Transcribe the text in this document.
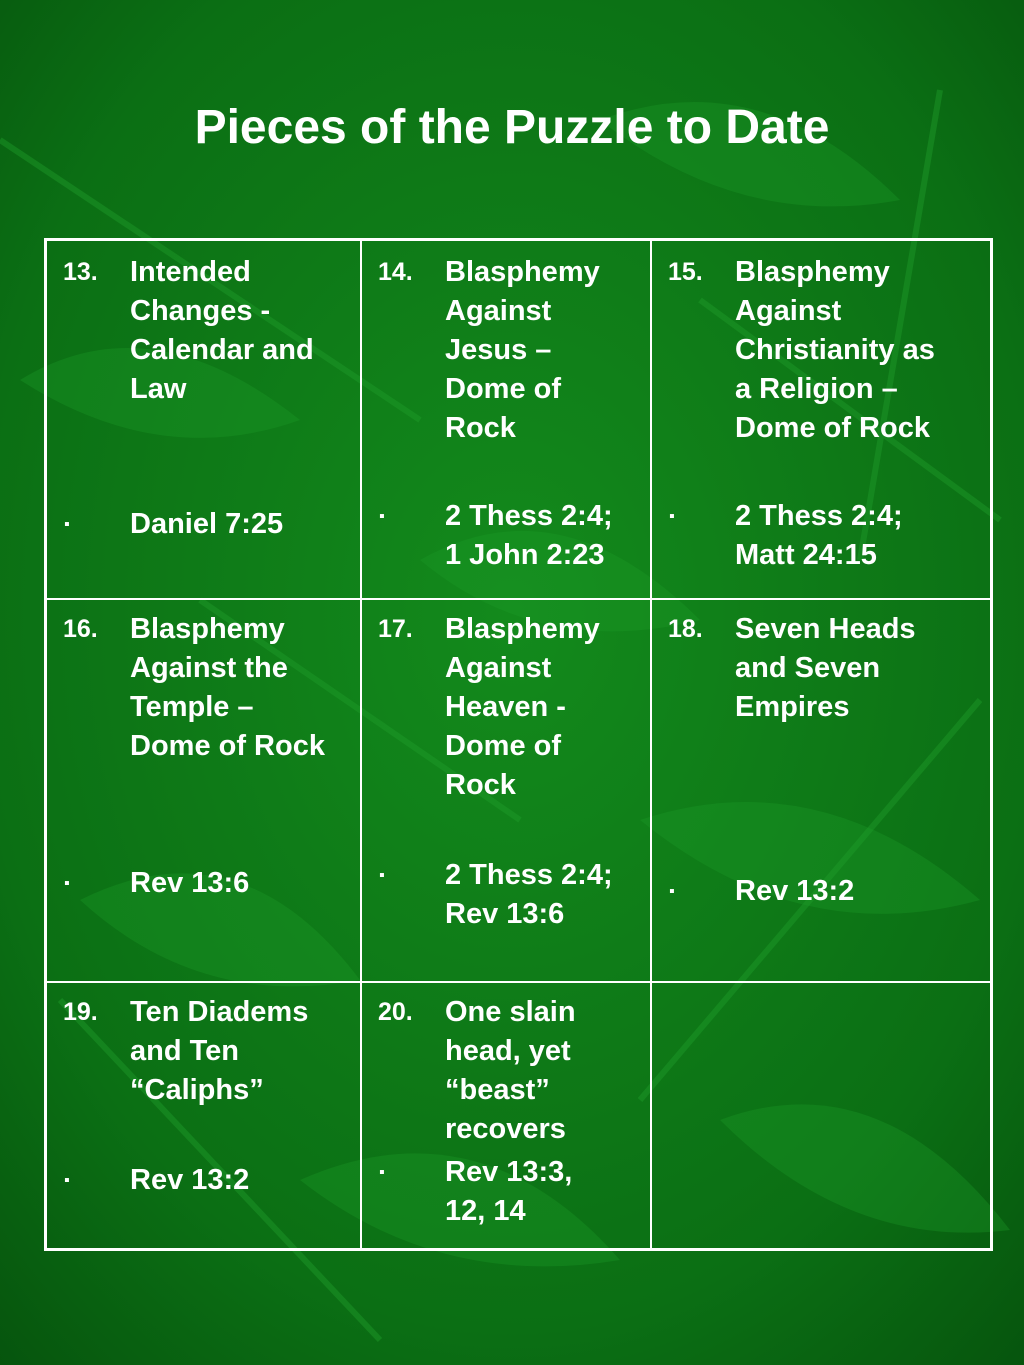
Pieces of the Puzzle to Date
13.	Intended
Changes -
Calendar and
Law
▪	Daniel 7:25
14.	Blasphemy
Against
Jesus –
Dome of
Rock
▪	2 Thess 2:4;
1 John 2:23
15.	Blasphemy
Against
Christianity as
a Religion –
Dome of Rock
▪	2 Thess 2:4;
Matt 24:15
16.	Blasphemy
Against the
Temple –
Dome of Rock
▪	Rev 13:6
17.	Blasphemy
Against
Heaven -
Dome of
Rock
▪	2 Thess 2:4;
Rev 13:6
18.	Seven Heads
and Seven
Empires
▪	Rev 13:2
19.	Ten Diadems
and Ten
“Caliphs”
▪	Rev 13:2
20.	One slain
head, yet
“beast”
recovers
▪	Rev 13:3,
12, 14
